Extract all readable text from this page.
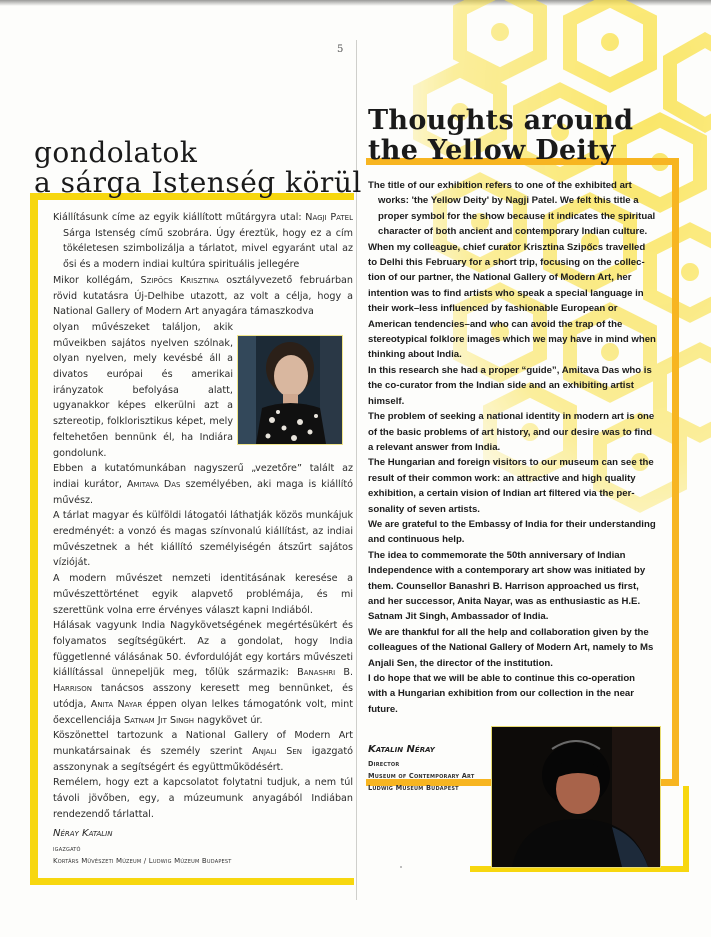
5
gondolatok
a sárga Istenség körül
Thoughts around
the Yellow Deity

Kiállításunk címe az egyik kiállított műtárgyra utal: Nagji Patel Sárga Istenség című szobrára. Úgy éreztük, hogy ez a cím tökéletesen szimbolizálja a tárlatot, mivel egyaránt utal az ősi és a modern indiai kultúra spirituális jellegére

Mikor kollégám, Szipőcs Krisztina osztályvezető februárban rövid kutatásra Új-Delhibe utazott, az volt a célja, hogy a National Gallery of Modern Art anyagára támaszkodva

olyan művészeket találjon, akik műveikben sajátos nyelven szólnak, olyan nyelven, mely kevésbé áll a divatos európai és amerikai irányzatok befolyása alatt, ugyanakkor képes elkerülni azt a sztereotip, folklorisztikus képet, mely feltehetően bennünk él, ha Indiára gondolunk.

Ebben a kutatómunkában nagyszerű „vezetőre” talált az indiai kurátor, Amitava Das személyében, aki maga is kiállító művész.

A tárlat magyar és külföldi látogatói láthatják közös munkájuk eredményét: a vonzó és magas színvonalú kiállítást, az indiai művészetnek a hét kiállító személyiségén átszűrt sajátos vízióját.

A modern művészet nemzeti identitásának keresése a művészettörténet egyik alapvető problémája, és mi szerettünk volna erre érvényes választ kapni Indiából.

Hálásak vagyunk India Nagykövetségének megértésükért és folyamatos segítségükért. Az a gondolat, hogy India függetlenné válásának 50. évfordulóját egy kortárs művészeti kiállítással ünnepeljük meg, tőlük származik: Banashri B. Harrison tanácsos asszony keresett meg bennünket, és utódja, Anita Nayar éppen olyan lelkes támogatónk volt, mint őexcellenciája Satnam Jit Singh nagykövet úr.

Köszönettel tartozunk a National Gallery of Modern Art munkatársainak és személy szerint Anjali Sen igazgató asszonynak a segítségért és együttműködésért.

Remélem, hogy ezt a kapcsolatot folytatni tudjuk, a nem túl távoli jövőben, egy, a múzeumunk anyagából Indiában rendezendő tárlattal.

Néray Katalin
igazgató
Kortárs Művészeti Múzeum / Ludwig Múzeum Budapest

The title of our exhibition refers to one of the exhibited art works: 'the Yellow Deity' by Nagji Patel. We felt this title a proper symbol for the show because it indicates the spiritual character of both ancient and contemporary Indian culture.

When my colleague, chief curator Krisztina Szipőcs travelled to Delhi this February for a short trip, focusing on the collection of our partner, the National Gallery of Modern Art, her intention was to find artists who speak a special language in their work–less influenced by fashionable European or American tendencies–and who can avoid the trap of the stereotypical folklore images which we may have in mind when thinking about India.

In this research she had a proper “guide”, Amitava Das who is the co-curator from the Indian side and an exhibiting artist himself.

The problem of seeking a national identity in modern art is one of the basic problems of art history, and our desire was to find a relevant answer from India.

The Hungarian and foreign visitors to our museum can see the result of their common work: an attractive and high quality exhibition, a certain vision of Indian art filtered via the personality of seven artists.

We are grateful to the Embassy of India for their understanding and continuous help.

The idea to commemorate the 50th anniversary of Indian Independence with a contemporary art show was initiated by them. Counsellor Banashri B. Harrison approached us first, and her successor, Anita Nayar, was as enthusiastic as H.E. Satnam Jit Singh, Ambassador of India.

We are thankful for all the help and collaboration given by the colleagues of the National Gallery of Modern Art, namely to Ms Anjali Sen, the director of the institution.

I do hope that we will be able to continue this co-operation with a Hungarian exhibition from our collection in the near future.

Katalin Néray
Director
Museum of Contemporary Art
Ludwig Museum Budapest
